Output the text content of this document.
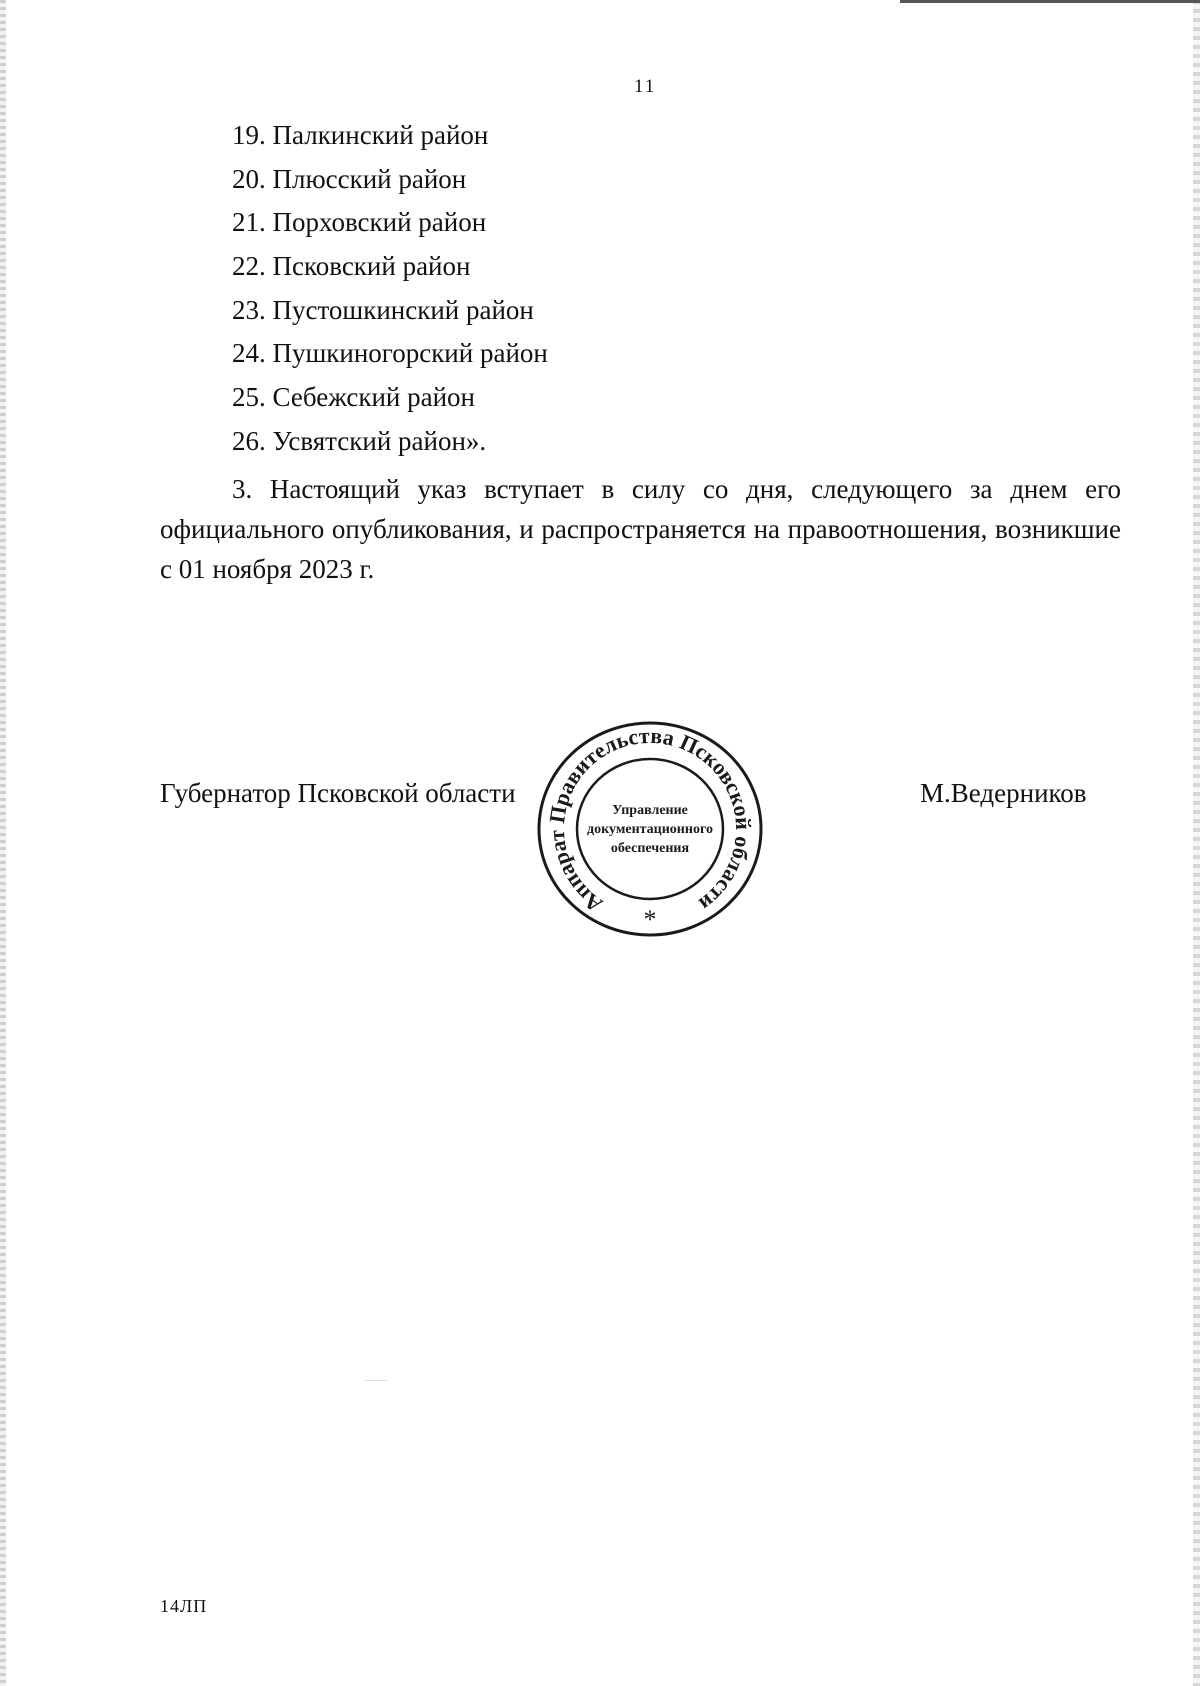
11
19. Палкинский район
20. Плюсский район
21. Порховский район
22. Псковский район
23. Пустошкинский район
24. Пушкиногорский район
25. Себежский район
26. Усвятский район».

3. Настоящий указ вступает в силу со дня, следующего за днем его официального опубликования, и распространяется на правоотношения, возникшие с 01 ноября 2023 г.

Губернатор Псковской области
Аппарат Правительства Псковской области
Управление
документационного
обеспечения
*
М.Ведерников
14ЛП
